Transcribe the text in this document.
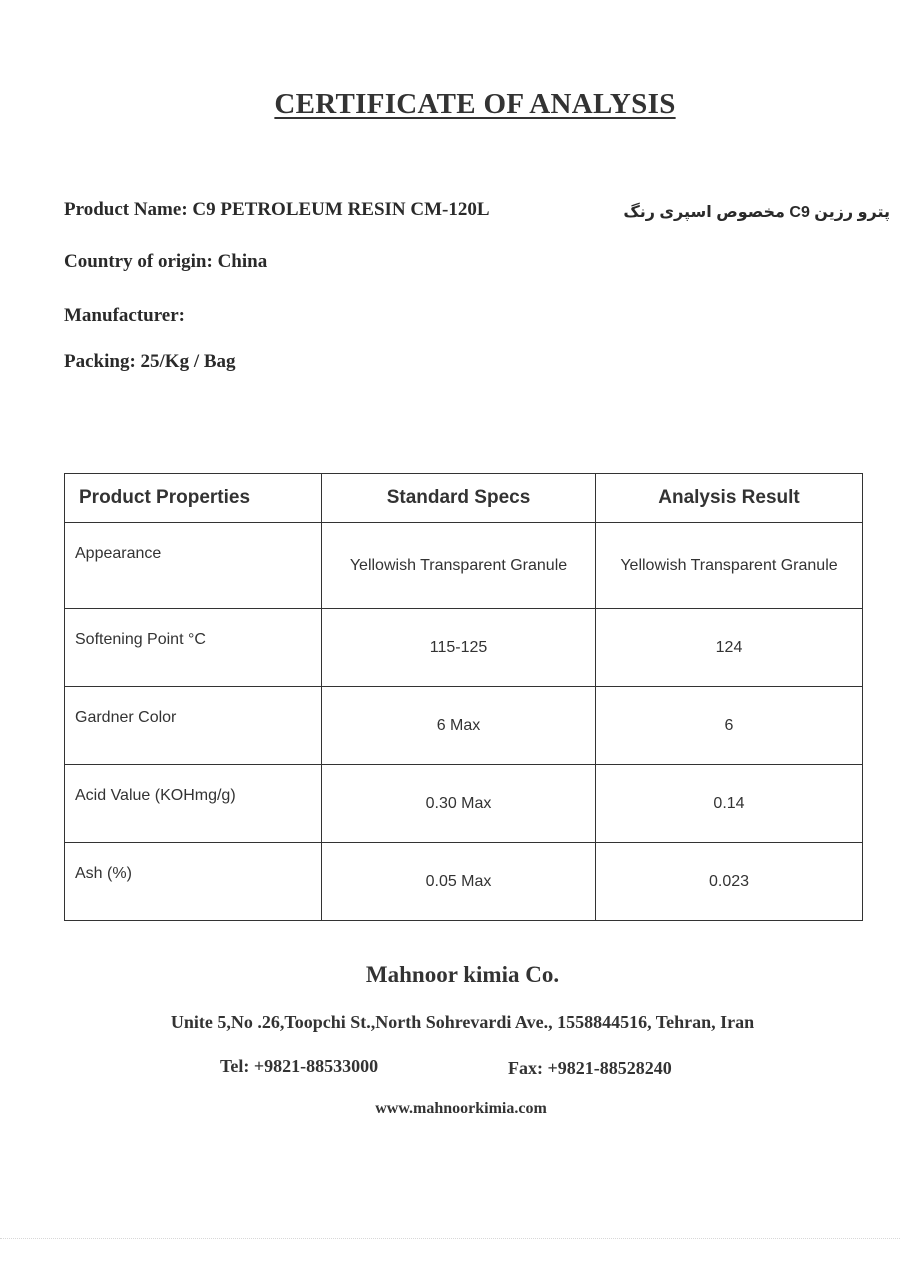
CERTIFICATE OF ANALYSIS
Product Name: C9 PETROLEUM RESIN CM-120L	پترو رزین C9 مخصوص اسپری رنگ
Country of origin: China
Manufacturer:
Packing: 25/Kg / Bag
Product Properties	Standard Specs	Analysis Result
Appearance	Yellowish Transparent Granule	Yellowish Transparent Granule
Softening Point °C	115-125	124
Gardner Color	6 Max	6
Acid Value (KOHmg/g)	0.30 Max	0.14
Ash (%)	0.05 Max	0.023
Mahnoor kimia Co.
Unite 5,No .26,Toopchi St.,North Sohrevardi Ave., 1558844516, Tehran, Iran
Tel: +9821-88533000	Fax: +9821-88528240
www.mahnoorkimia.com
